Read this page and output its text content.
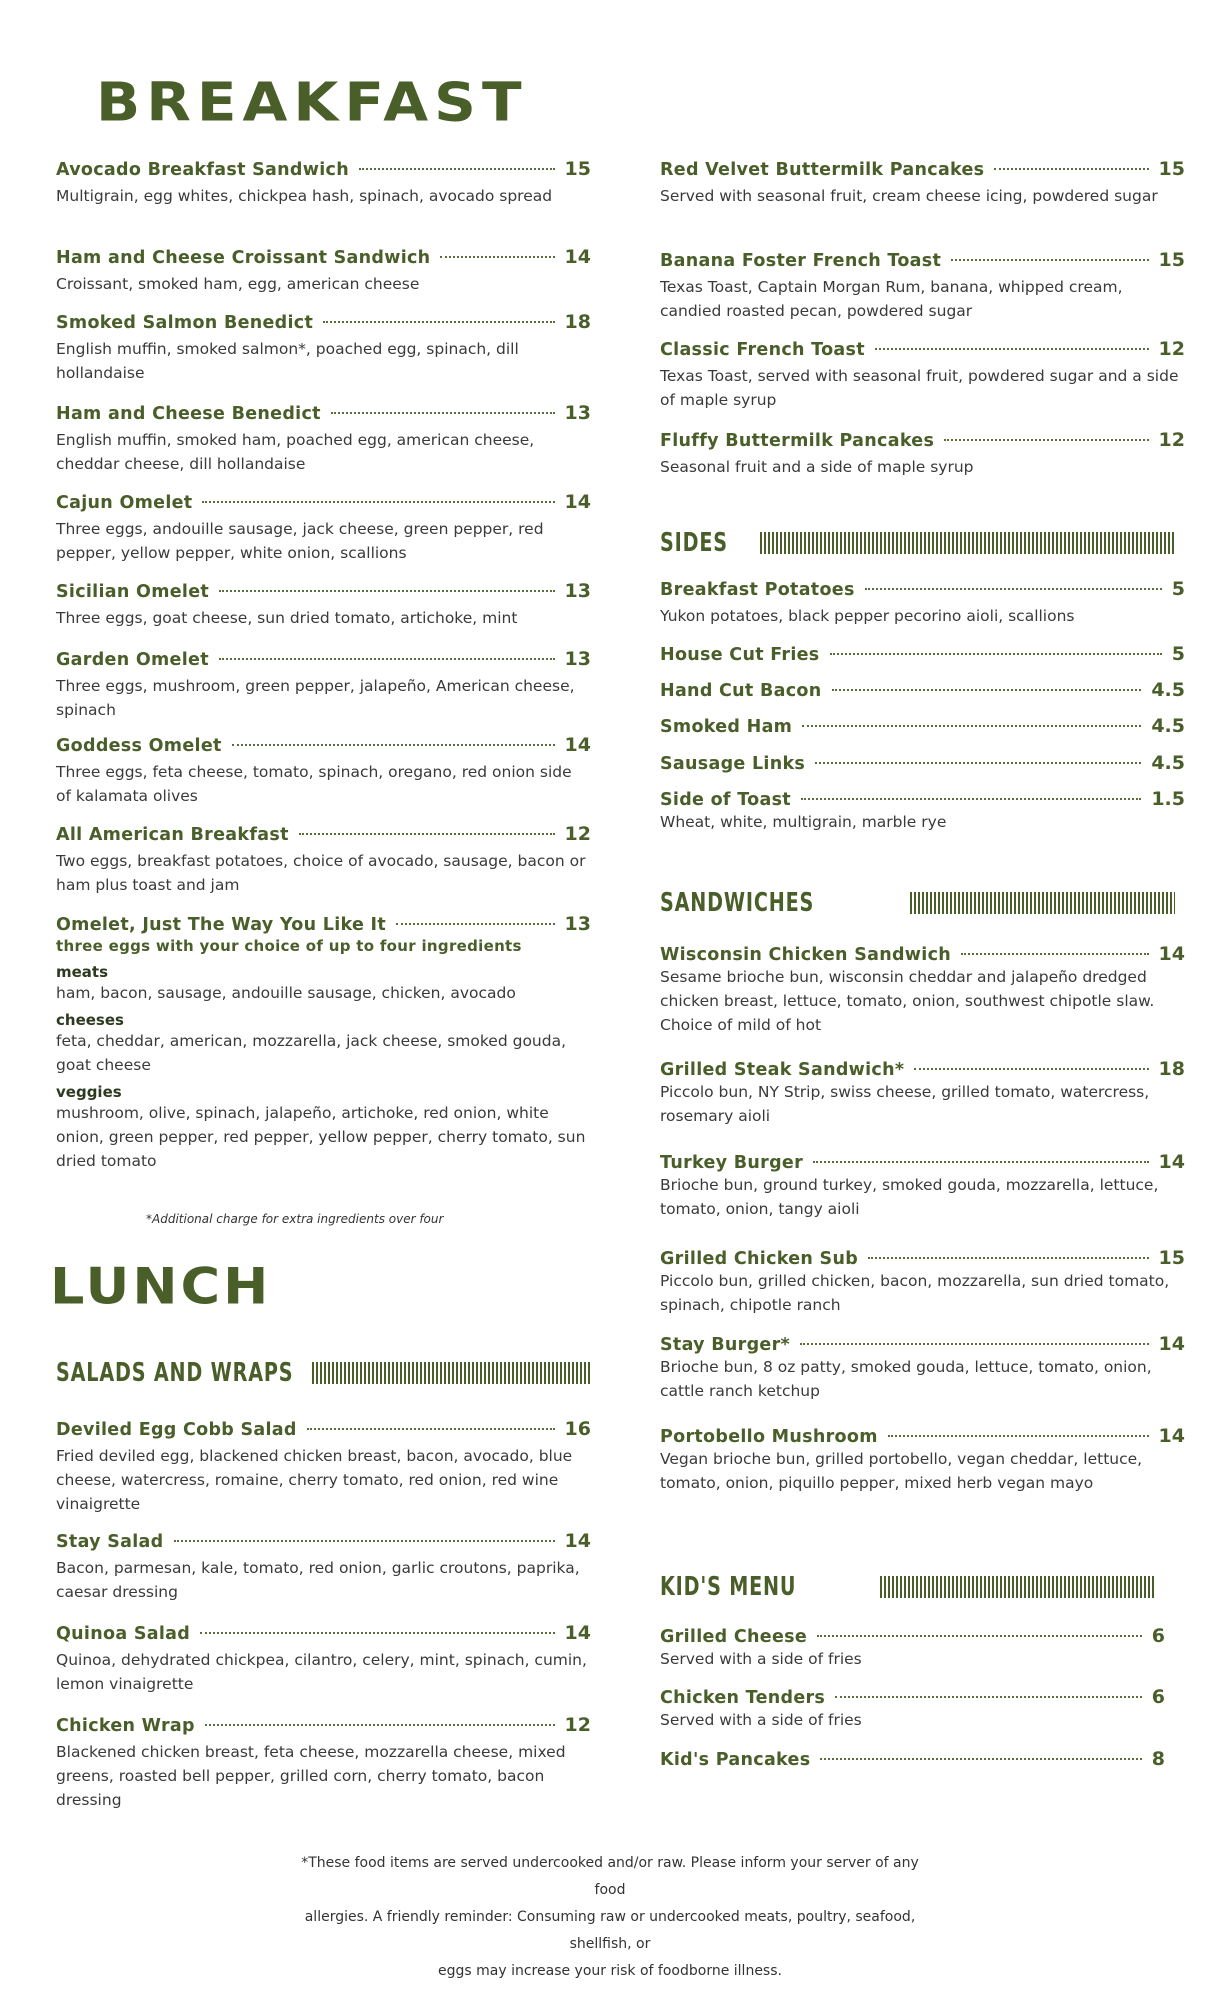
BREAKFAST
Avocado Breakfast Sandwich	15
Multigrain, egg whites, chickpea hash, spinach, avocado spread
Ham and Cheese Croissant Sandwich	14
Croissant, smoked ham, egg, american cheese
Smoked Salmon Benedict	18
English muffin, smoked salmon*, poached egg, spinach, dill hollandaise
Ham and Cheese Benedict	13
English muffin, smoked ham, poached egg, american cheese, cheddar cheese, dill hollandaise
Cajun Omelet	14
Three eggs, andouille sausage, jack cheese, green pepper, red pepper, yellow pepper, white onion, scallions
Sicilian Omelet	13
Three eggs, goat cheese, sun dried tomato, artichoke, mint
Garden Omelet	13
Three eggs, mushroom, green pepper, jalapeño, American cheese, spinach
Goddess Omelet	14
Three eggs, feta cheese, tomato, spinach, oregano, red onion side of kalamata olives
All American Breakfast	12
Two eggs, breakfast potatoes, choice of avocado, sausage, bacon or ham plus toast and jam
Omelet, Just The Way You Like It	13
three eggs with your choice of up to four ingredients
meats
ham, bacon, sausage, andouille sausage, chicken, avocado
cheeses
feta, cheddar, american, mozzarella, jack cheese, smoked gouda, goat cheese
veggies
mushroom, olive, spinach, jalapeño, artichoke, red onion, white onion, green pepper, red pepper, yellow pepper, cherry tomato, sun dried tomato
*Additional charge for extra ingredients over four
SALADS AND WRAPS
Deviled Egg Cobb Salad	16
Fried deviled egg, blackened chicken breast, bacon, avocado, blue cheese, watercress, romaine, cherry tomato, red onion, red wine vinaigrette
Stay Salad	14
Bacon, parmesan, kale, tomato, red onion, garlic croutons, paprika, caesar dressing
Quinoa Salad	14
Quinoa, dehydrated chickpea, cilantro, celery, mint, spinach, cumin, lemon vinaigrette
Chicken Wrap	12
Blackened chicken breast, feta cheese, mozzarella cheese, mixed greens, roasted bell pepper, grilled corn, cherry tomato, bacon dressing
LUNCH
Red Velvet Buttermilk Pancakes	15
Served with seasonal fruit, cream cheese icing, powdered sugar
Banana Foster French Toast	15
Texas Toast, Captain Morgan Rum, banana, whipped cream, candied roasted pecan, powdered sugar
Classic French Toast	12
Texas Toast, served with seasonal fruit, powdered sugar and a side of maple syrup
Fluffy Buttermilk Pancakes	12
Seasonal fruit and a side of maple syrup
SIDES
Breakfast Potatoes	5
Yukon potatoes, black pepper pecorino aioli, scallions
House Cut Fries	5
Hand Cut Bacon	4.5
Smoked Ham	4.5
Sausage Links	4.5
Side of Toast	1.5
Wheat, white, multigrain, marble rye
SANDWICHES
Wisconsin Chicken Sandwich	14
Sesame brioche bun, wisconsin cheddar and jalapeño dredged chicken breast, lettuce, tomato, onion, southwest chipotle slaw. Choice of mild of hot
Grilled Steak Sandwich*	18
Piccolo bun, NY Strip, swiss cheese, grilled tomato, watercress, rosemary aioli
Turkey Burger	14
Brioche bun, ground turkey, smoked gouda, mozzarella, lettuce, tomato, onion, tangy aioli
Grilled Chicken Sub	15
Piccolo bun, grilled chicken, bacon, mozzarella, sun dried tomato, spinach, chipotle ranch
Stay Burger*	14
Brioche bun, 8 oz patty, smoked gouda, lettuce, tomato, onion, cattle ranch ketchup
Portobello Mushroom	14
Vegan brioche bun, grilled portobello, vegan cheddar, lettuce, tomato, onion, piquillo pepper, mixed herb vegan mayo
KID'S MENU
Grilled Cheese	6
Served with a side of fries
Chicken Tenders	6
Served with a side of fries
Kid's Pancakes	8
*These food items are served undercooked and/or raw. Please inform your server of any food
allergies. A friendly reminder: Consuming raw or undercooked meats, poultry, seafood, shellfish, or
eggs may increase your risk of foodborne illness.
